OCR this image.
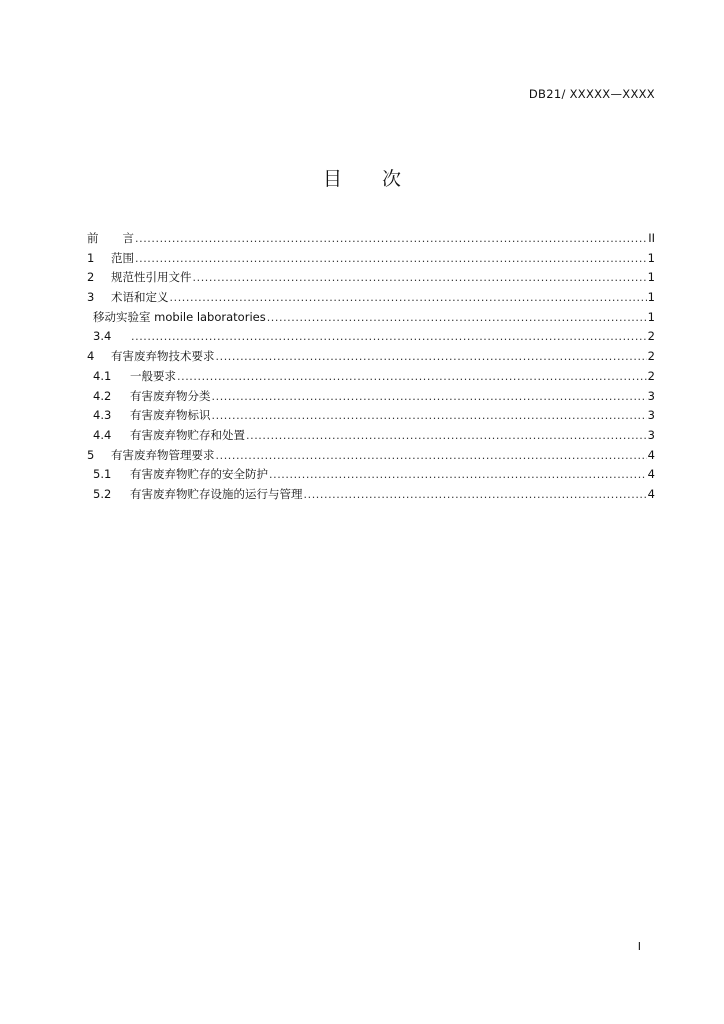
DB21/ XXXXX—XXXX
目 次
前 言 .....	II
1	范围 .....	1
2	规范性引用文件 .....	1
3	术语和定义 .....	1
移动实验室 mobile laboratories .....	1
3.4 .....	2
4	有害废弃物技术要求 .....	2
4.1	一般要求 .....	2
4.2	有害废弃物分类 .....	3
4.3	有害废弃物标识 .....	3
4.4	有害废弃物贮存和处置 .....	3
5	有害废弃物管理要求 .....	4
5.1	有害废弃物贮存的安全防护 .....	4
5.2	有害废弃物贮存设施的运行与管理 .....	4
I
